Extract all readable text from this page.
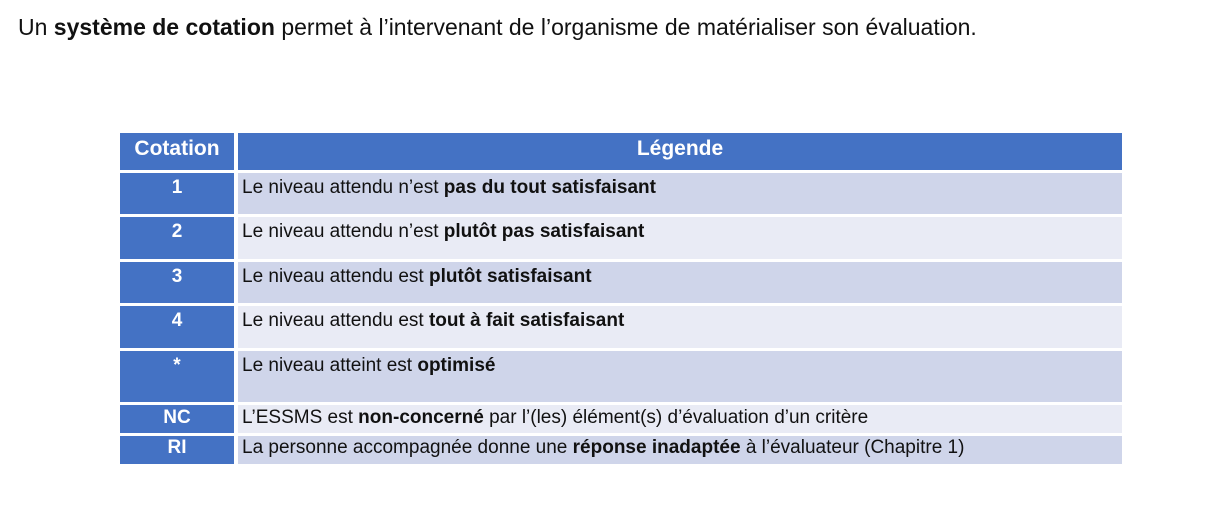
Un système de cotation permet à l’intervenant de l’organisme de matérialiser son évaluation.
Cotation	Légende
1	Le niveau attendu n’est pas du tout satisfaisant
2	Le niveau attendu n’est plutôt pas satisfaisant
3	Le niveau attendu est plutôt satisfaisant
4	Le niveau attendu est tout à fait satisfaisant
*	Le niveau atteint est optimisé
NC	L’ESSMS est non-concerné par l’(les) élément(s) d’évaluation d’un critère
RI	La personne accompagnée donne une réponse inadaptée à l’évaluateur (Chapitre 1)
